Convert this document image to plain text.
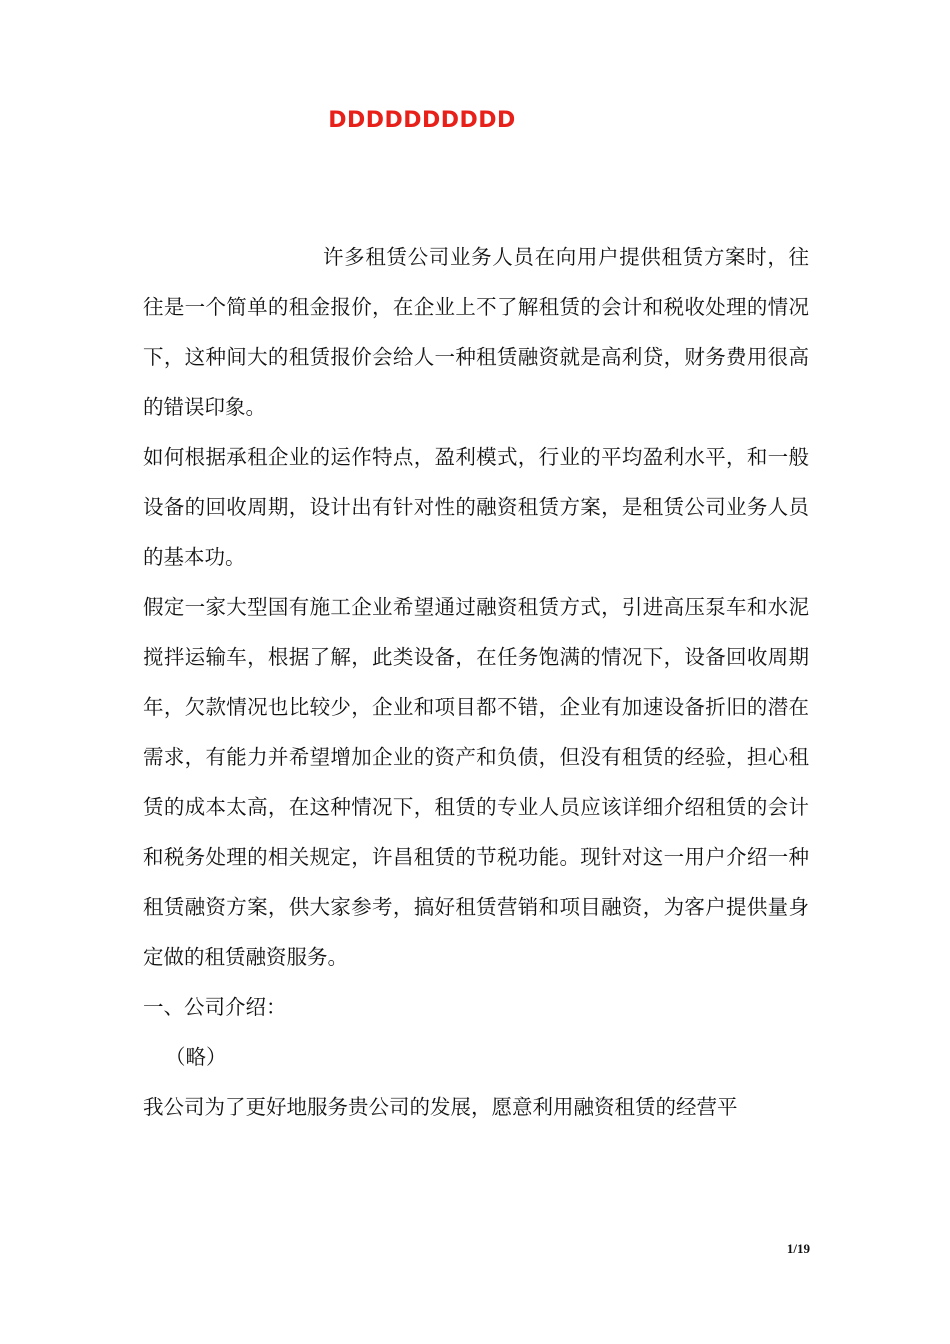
DDDDDDDDDD

许多租赁公司业务人员在向用户提供租赁方案时，往往是一个简单的租金报价，在企业上不了解租赁的会计和税收处理的情况下，这种间大的租赁报价会给人一种租赁融资就是高利贷，财务费用很高的错误印象。

如何根据承租企业的运作特点，盈利模式，行业的平均盈利水平，和一般设备的回收周期，设计出有针对性的融资租赁方案，是租赁公司业务人员的基本功。

假定一家大型国有施工企业希望通过融资租赁方式，引进高压泵车和水泥搅拌运输车，根据了解，此类设备，在任务饱满的情况下，设备回收周期年，欠款情况也比较少，企业和项目都不错，企业有加速设备折旧的潜在需求，有能力并希望增加企业的资产和负债，但没有租赁的经验，担心租赁的成本太高，在这种情况下，租赁的专业人员应该详细介绍租赁的会计和税务处理的相关规定，许昌租赁的节税功能。现针对这一用户介绍一种租赁融资方案，供大家参考，搞好租赁营销和项目融资，为客户提供量身定做的租赁融资服务。

一、公司介绍：

（略）

我公司为了更好地服务贵公司的发展，愿意利用融资租赁的经营平

1/19
